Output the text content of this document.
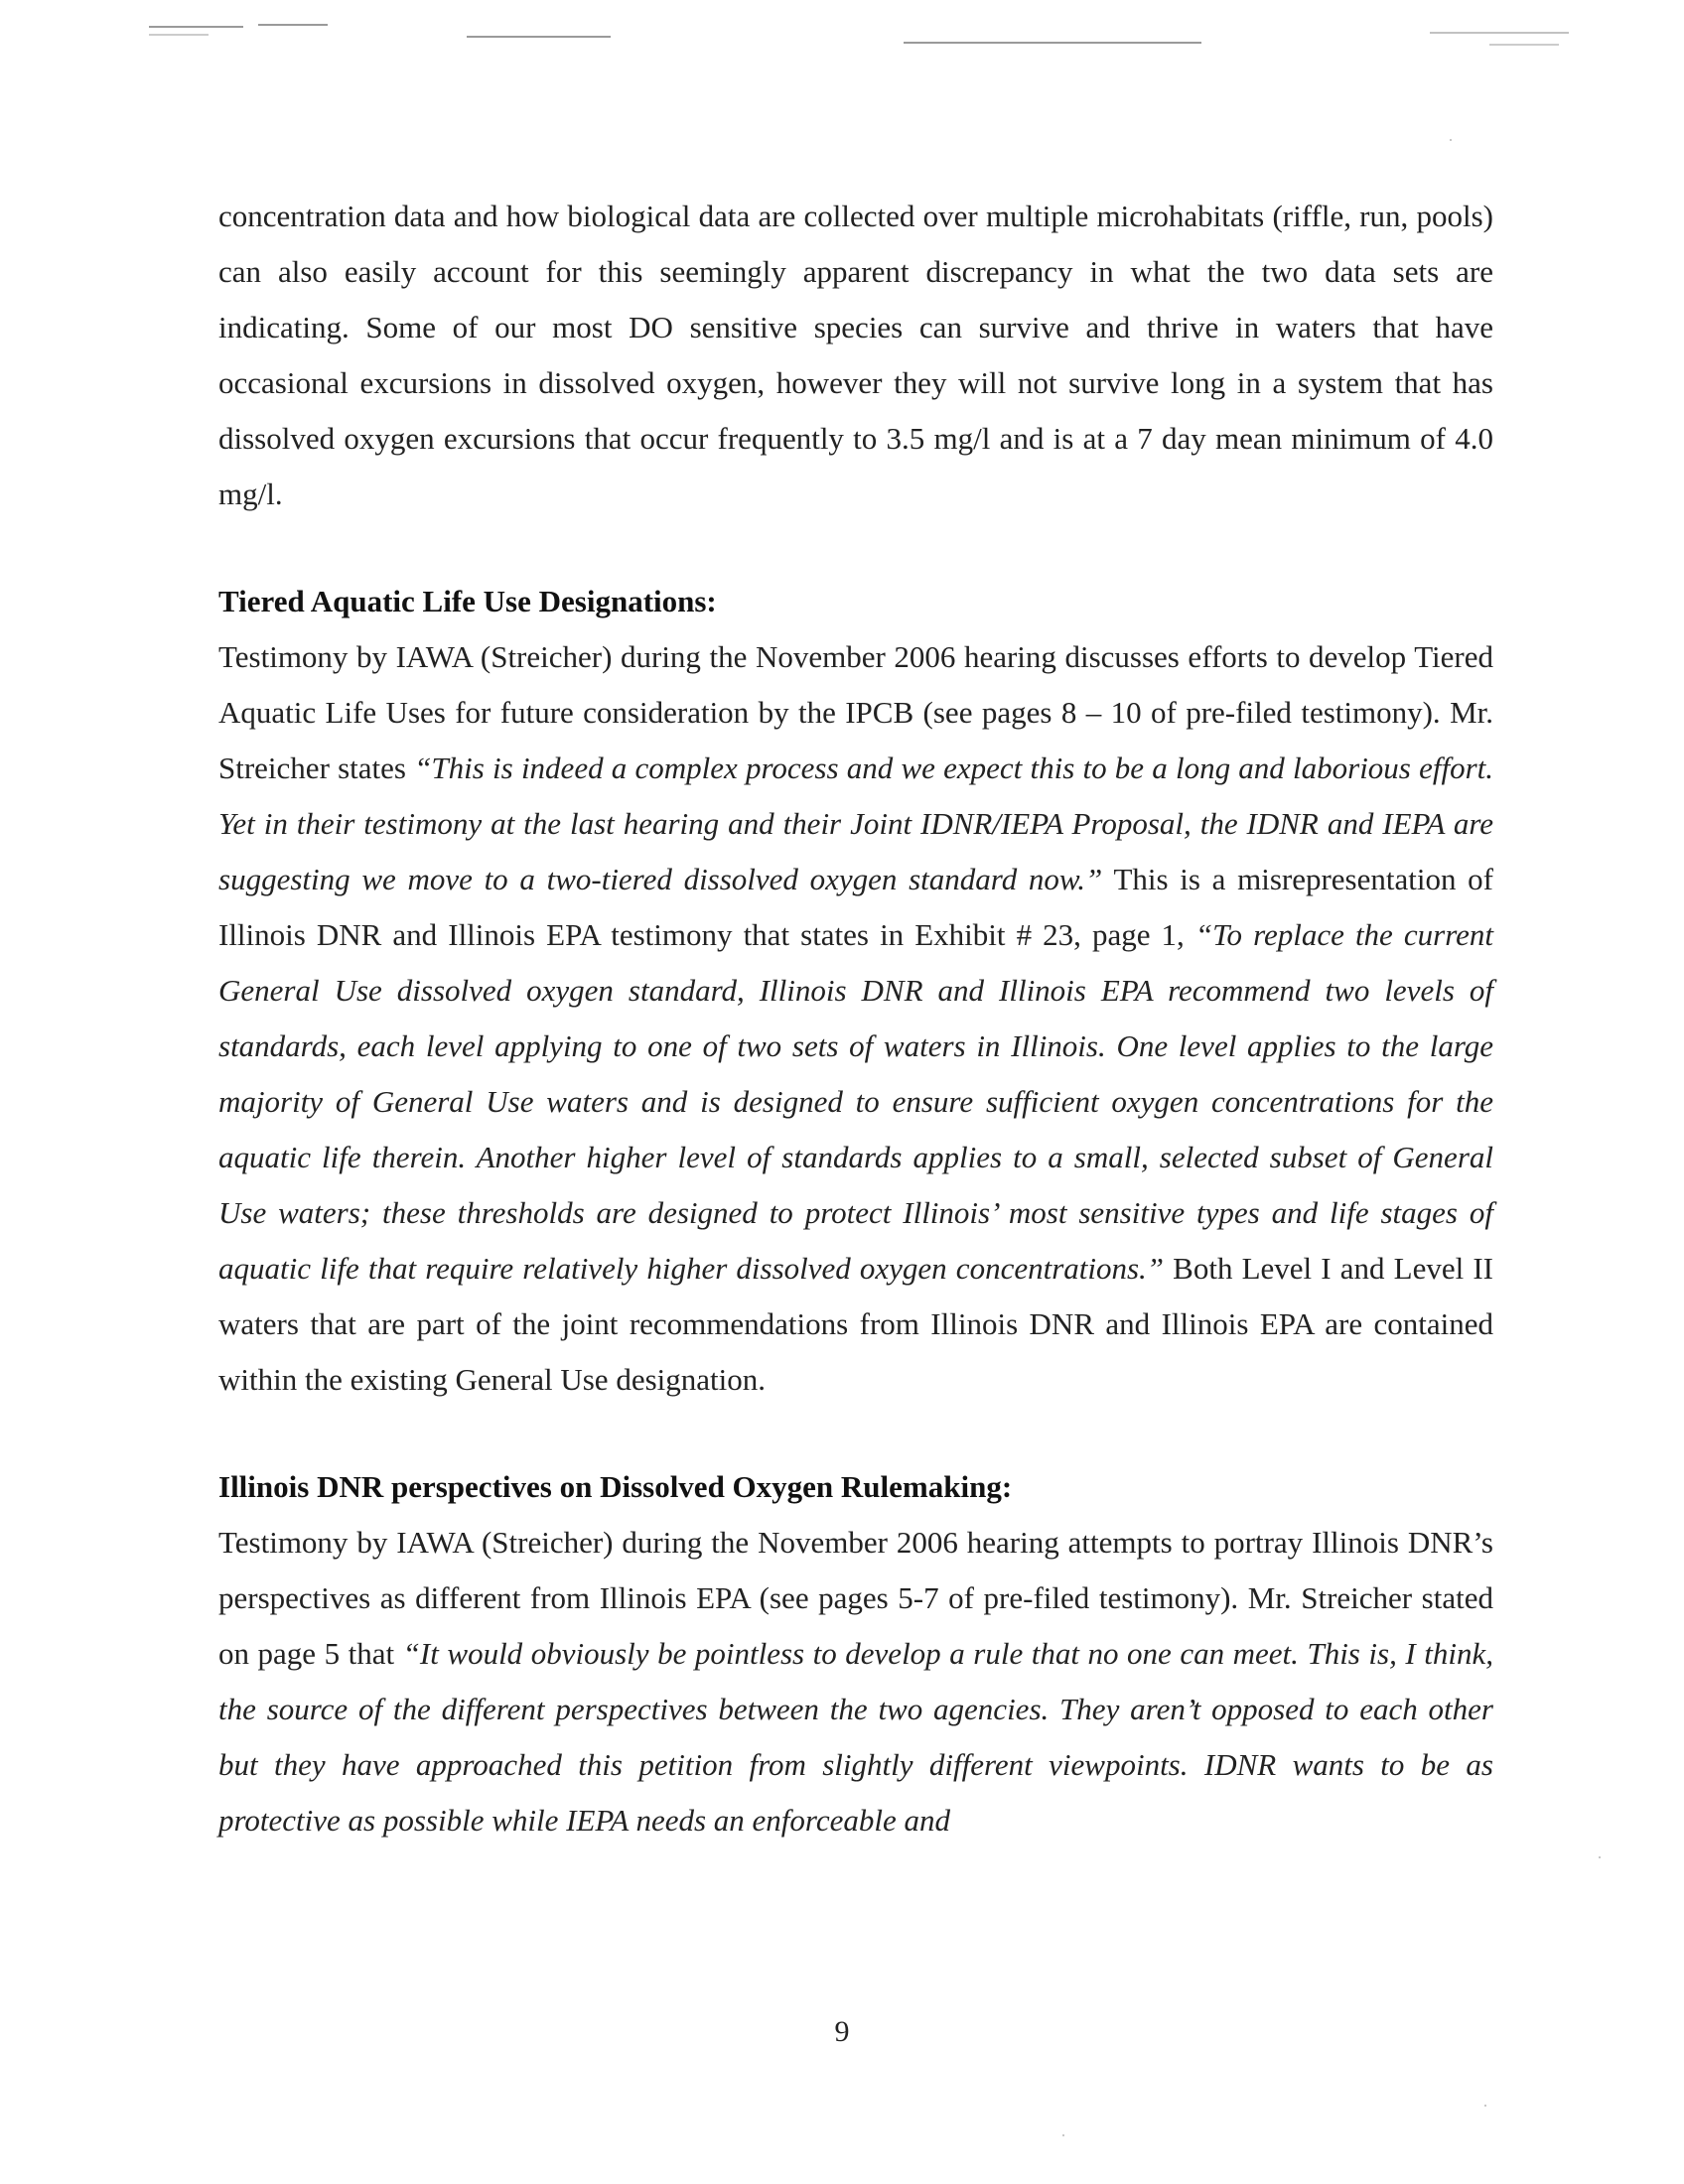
concentration data and how biological data are collected over multiple microhabitats (riffle, run, pools) can also easily account for this seemingly apparent discrepancy in what the two data sets are indicating. Some of our most DO sensitive species can survive and thrive in waters that have occasional excursions in dissolved oxygen, however they will not survive long in a system that has dissolved oxygen excursions that occur frequently to 3.5 mg/l and is at a 7 day mean minimum of 4.0 mg/l.

Tiered Aquatic Life Use Designations:

Testimony by IAWA (Streicher) during the November 2006 hearing discusses efforts to develop Tiered Aquatic Life Uses for future consideration by the IPCB (see pages 8 – 10 of pre-filed testimony). Mr. Streicher states “This is indeed a complex process and we expect this to be a long and laborious effort. Yet in their testimony at the last hearing and their Joint IDNR/IEPA Proposal, the IDNR and IEPA are suggesting we move to a two-tiered dissolved oxygen standard now.” This is a misrepresentation of Illinois DNR and Illinois EPA testimony that states in Exhibit # 23, page 1, “To replace the current General Use dissolved oxygen standard, Illinois DNR and Illinois EPA recommend two levels of standards, each level applying to one of two sets of waters in Illinois. One level applies to the large majority of General Use waters and is designed to ensure sufficient oxygen concentrations for the aquatic life therein. Another higher level of standards applies to a small, selected subset of General Use waters; these thresholds are designed to protect Illinois’ most sensitive types and life stages of aquatic life that require relatively higher dissolved oxygen concentrations.” Both Level I and Level II waters that are part of the joint recommendations from Illinois DNR and Illinois EPA are contained within the existing General Use designation.

Illinois DNR perspectives on Dissolved Oxygen Rulemaking:

Testimony by IAWA (Streicher) during the November 2006 hearing attempts to portray Illinois DNR’s perspectives as different from Illinois EPA (see pages 5-7 of pre-filed testimony). Mr. Streicher stated on page 5 that “It would obviously be pointless to develop a rule that no one can meet. This is, I think, the source of the different perspectives between the two agencies. They aren’t opposed to each other but they have approached this petition from slightly different viewpoints. IDNR wants to be as protective as possible while IEPA needs an enforceable and

9
